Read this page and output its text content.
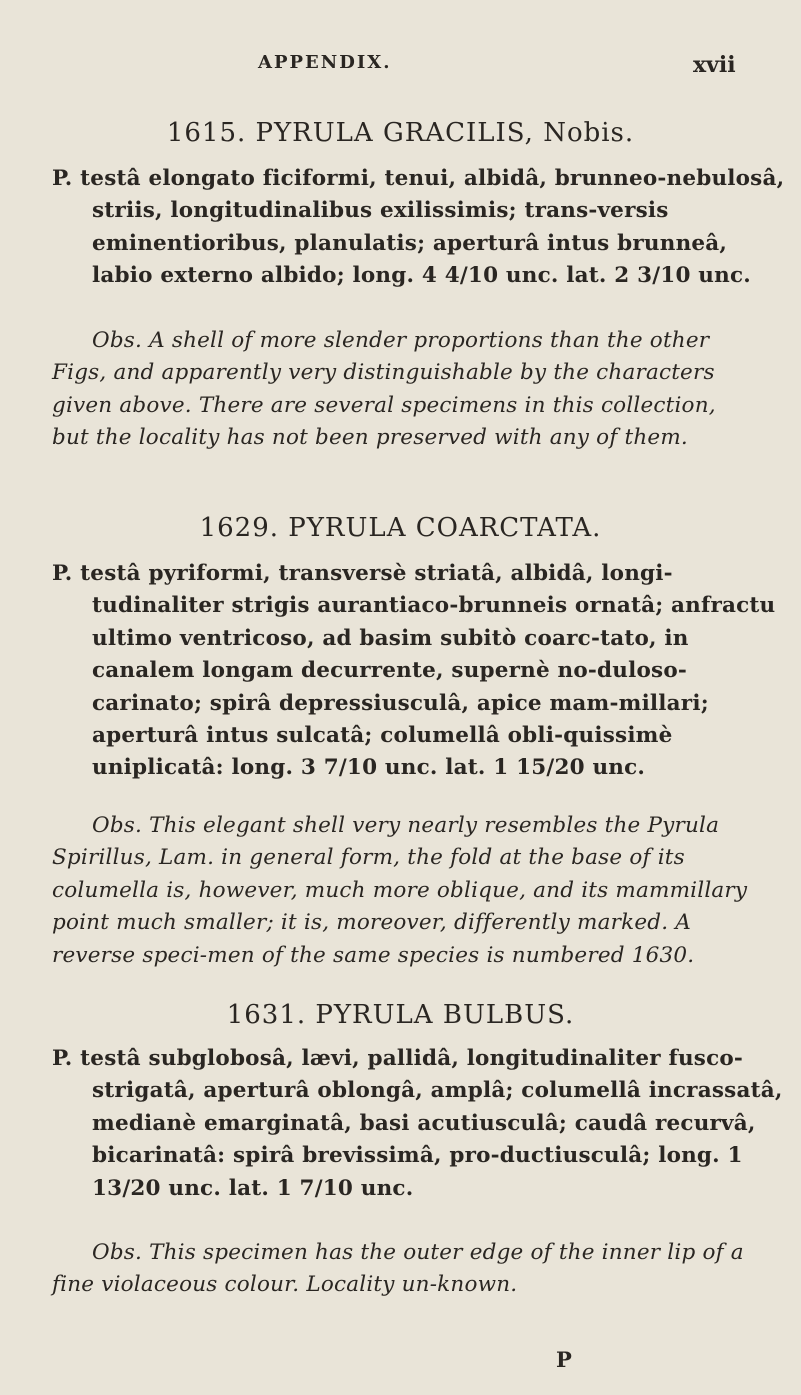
APPENDIX.	xvii
1615. PYRULA GRACILIS, Nobis.

P. testâ elongato ficiformi, tenui, albidâ, brunneo-nebulosâ, striis, longitudinalibus exilissimis; trans-versis eminentioribus, planulatis; aperturâ intus brunneâ, labio externo albido; long. 4 4/10 unc. lat. 2 3/10 unc.

Obs. A shell of more slender proportions than the other Figs, and apparently very distinguishable by the characters given above. There are several specimens in this collection, but the locality has not been preserved with any of them.

1629. PYRULA COARCTATA.

P. testâ pyriformi, transversè striatâ, albidâ, longi-tudinaliter strigis aurantiaco-brunneis ornatâ; anfractu ultimo ventricoso, ad basim subitò coarc-tato, in canalem longam decurrente, supernè no-duloso-carinato; spirâ depressiusculâ, apice mam-millari; aperturâ intus sulcatâ; columellâ obli-quissimè uniplicatâ: long. 3 7/10 unc. lat. 1 15/20 unc.

Obs. This elegant shell very nearly resembles the Pyrula Spirillus, Lam. in general form, the fold at the base of its columella is, however, much more oblique, and its mammillary point much smaller; it is, moreover, differently marked. A reverse speci-men of the same species is numbered 1630.

1631. PYRULA BULBUS.

P. testâ subglobosâ, lævi, pallidâ, longitudinaliter fusco-strigatâ, aperturâ oblongâ, amplâ; columellâ incrassatâ, medianè emarginatâ, basi acutiusculâ; caudâ recurvâ, bicarinatâ: spirâ brevissimâ, pro-ductiusculâ; long. 1 13/20 unc. lat. 1 7/10 unc.

Obs. This specimen has the outer edge of the inner lip of a fine violaceous colour. Locality un-known.

P
